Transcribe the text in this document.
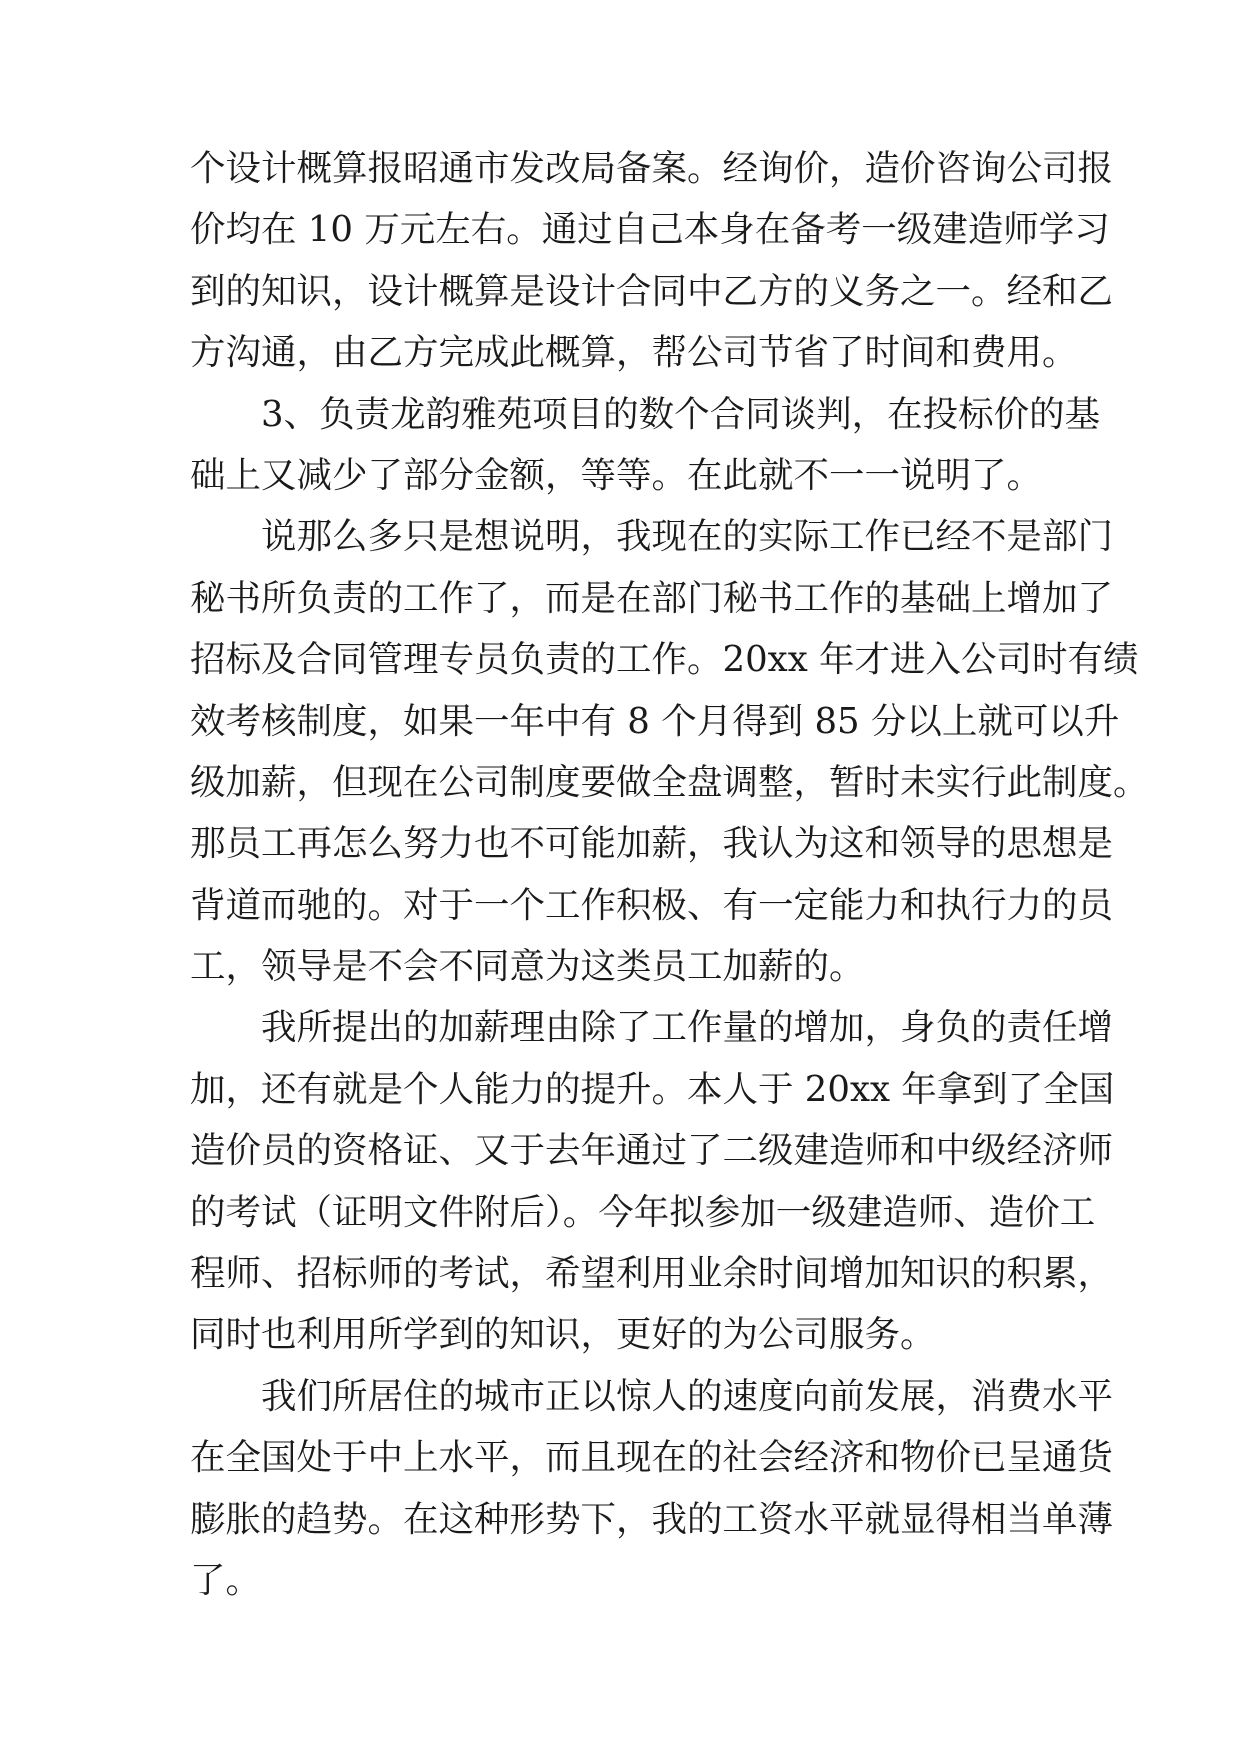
个设计概算报昭通市发改局备案。经询价，造价咨询公司报
价均在 10 万元左右。通过自己本身在备考一级建造师学习
到的知识，设计概算是设计合同中乙方的义务之一。经和乙
方沟通，由乙方完成此概算，帮公司节省了时间和费用。
3、负责龙韵雅苑项目的数个合同谈判，在投标价的基
础上又减少了部分金额，等等。在此就不一一说明了。
说那么多只是想说明，我现在的实际工作已经不是部门
秘书所负责的工作了，而是在部门秘书工作的基础上增加了
招标及合同管理专员负责的工作。20xx 年才进入公司时有绩
效考核制度，如果一年中有 8 个月得到 85 分以上就可以升
级加薪，但现在公司制度要做全盘调整，暂时未实行此制度。
那员工再怎么努力也不可能加薪，我认为这和领导的思想是
背道而驰的。对于一个工作积极、有一定能力和执行力的员
工，领导是不会不同意为这类员工加薪的。
我所提出的加薪理由除了工作量的增加，身负的责任增
加，还有就是个人能力的提升。本人于 20xx 年拿到了全国
造价员的资格证、又于去年通过了二级建造师和中级经济师
的考试（证明文件附后）。今年拟参加一级建造师、造价工
程师、招标师的考试，希望利用业余时间增加知识的积累，
同时也利用所学到的知识，更好的为公司服务。
我们所居住的城市正以惊人的速度向前发展，消费水平
在全国处于中上水平，而且现在的社会经济和物价已呈通货
膨胀的趋势。在这种形势下，我的工资水平就显得相当单薄
了。
